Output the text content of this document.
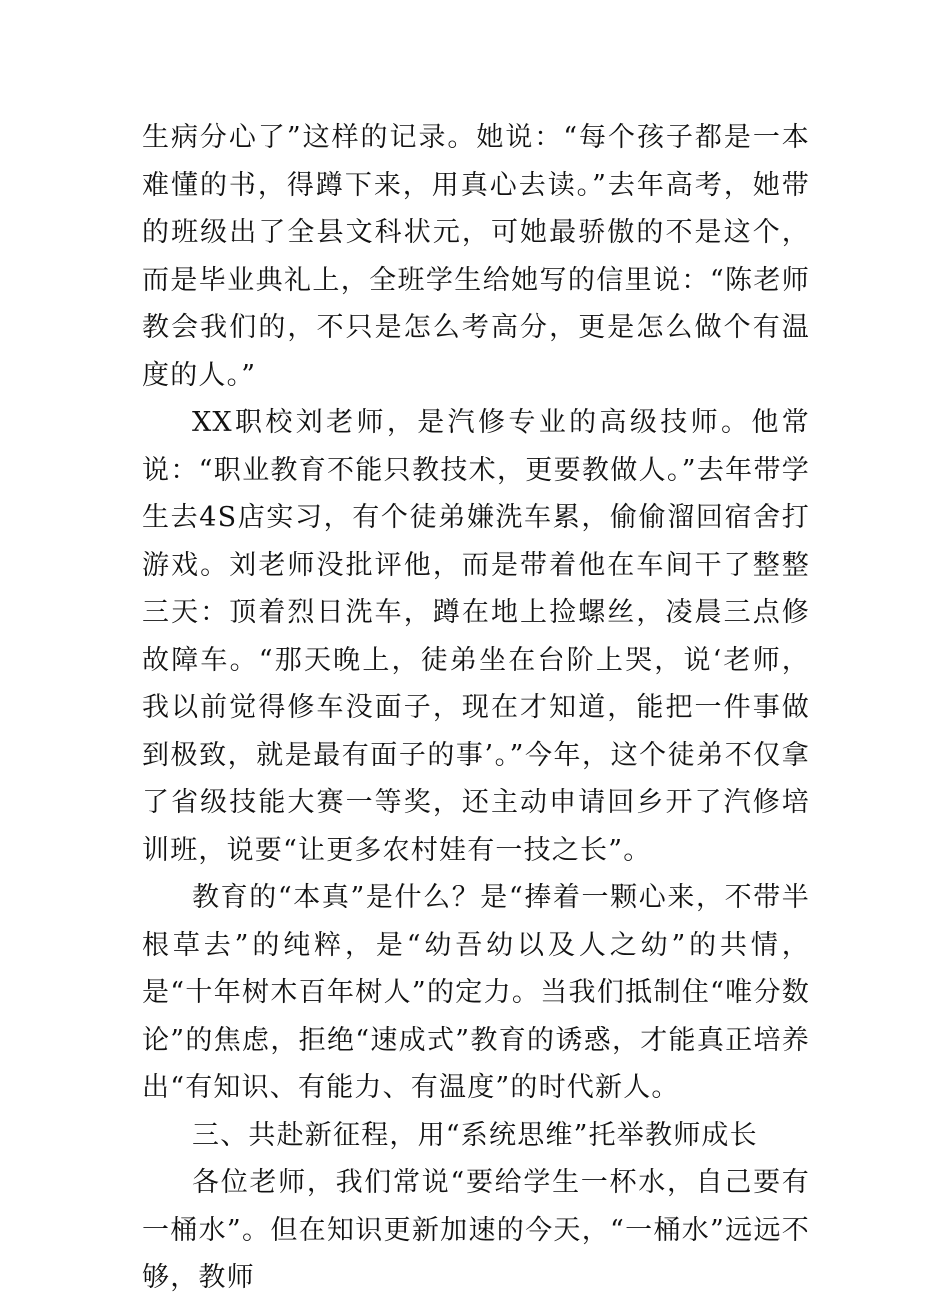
生病分心了”这样的记录。她说：“每个孩子都是一本难懂的书，得蹲下来，用真心去读。”去年高考，她带的班级出了全县文科状元，可她最骄傲的不是这个，而是毕业典礼上，全班学生给她写的信里说：“陈老师教会我们的，不只是怎么考高分，更是怎么做个有温度的人。”

XX职校刘老师，是汽修专业的高级技师。他常说：“职业教育不能只教技术，更要教做人。”去年带学生去4S店实习，有个徒弟嫌洗车累，偷偷溜回宿舍打游戏。刘老师没批评他，而是带着他在车间干了整整三天：顶着烈日洗车，蹲在地上捡螺丝，凌晨三点修故障车。“那天晚上，徒弟坐在台阶上哭，说‘老师，我以前觉得修车没面子，现在才知道，能把一件事做到极致，就是最有面子的事’。”今年，这个徒弟不仅拿了省级技能大赛一等奖，还主动申请回乡开了汽修培训班，说要“让更多农村娃有一技之长”。

教育的“本真”是什么？是“捧着一颗心来，不带半根草去”的纯粹，是“幼吾幼以及人之幼”的共情，是“十年树木百年树人”的定力。当我们抵制住“唯分数论”的焦虑，拒绝“速成式”教育的诱惑，才能真正培养出“有知识、有能力、有温度”的时代新人。

三、共赴新征程，用“系统思维”托举教师成长

各位老师，我们常说“要给学生一杯水，自己要有一桶水”。但在知识更新加速的今天，“一桶水”远远不够，教师
